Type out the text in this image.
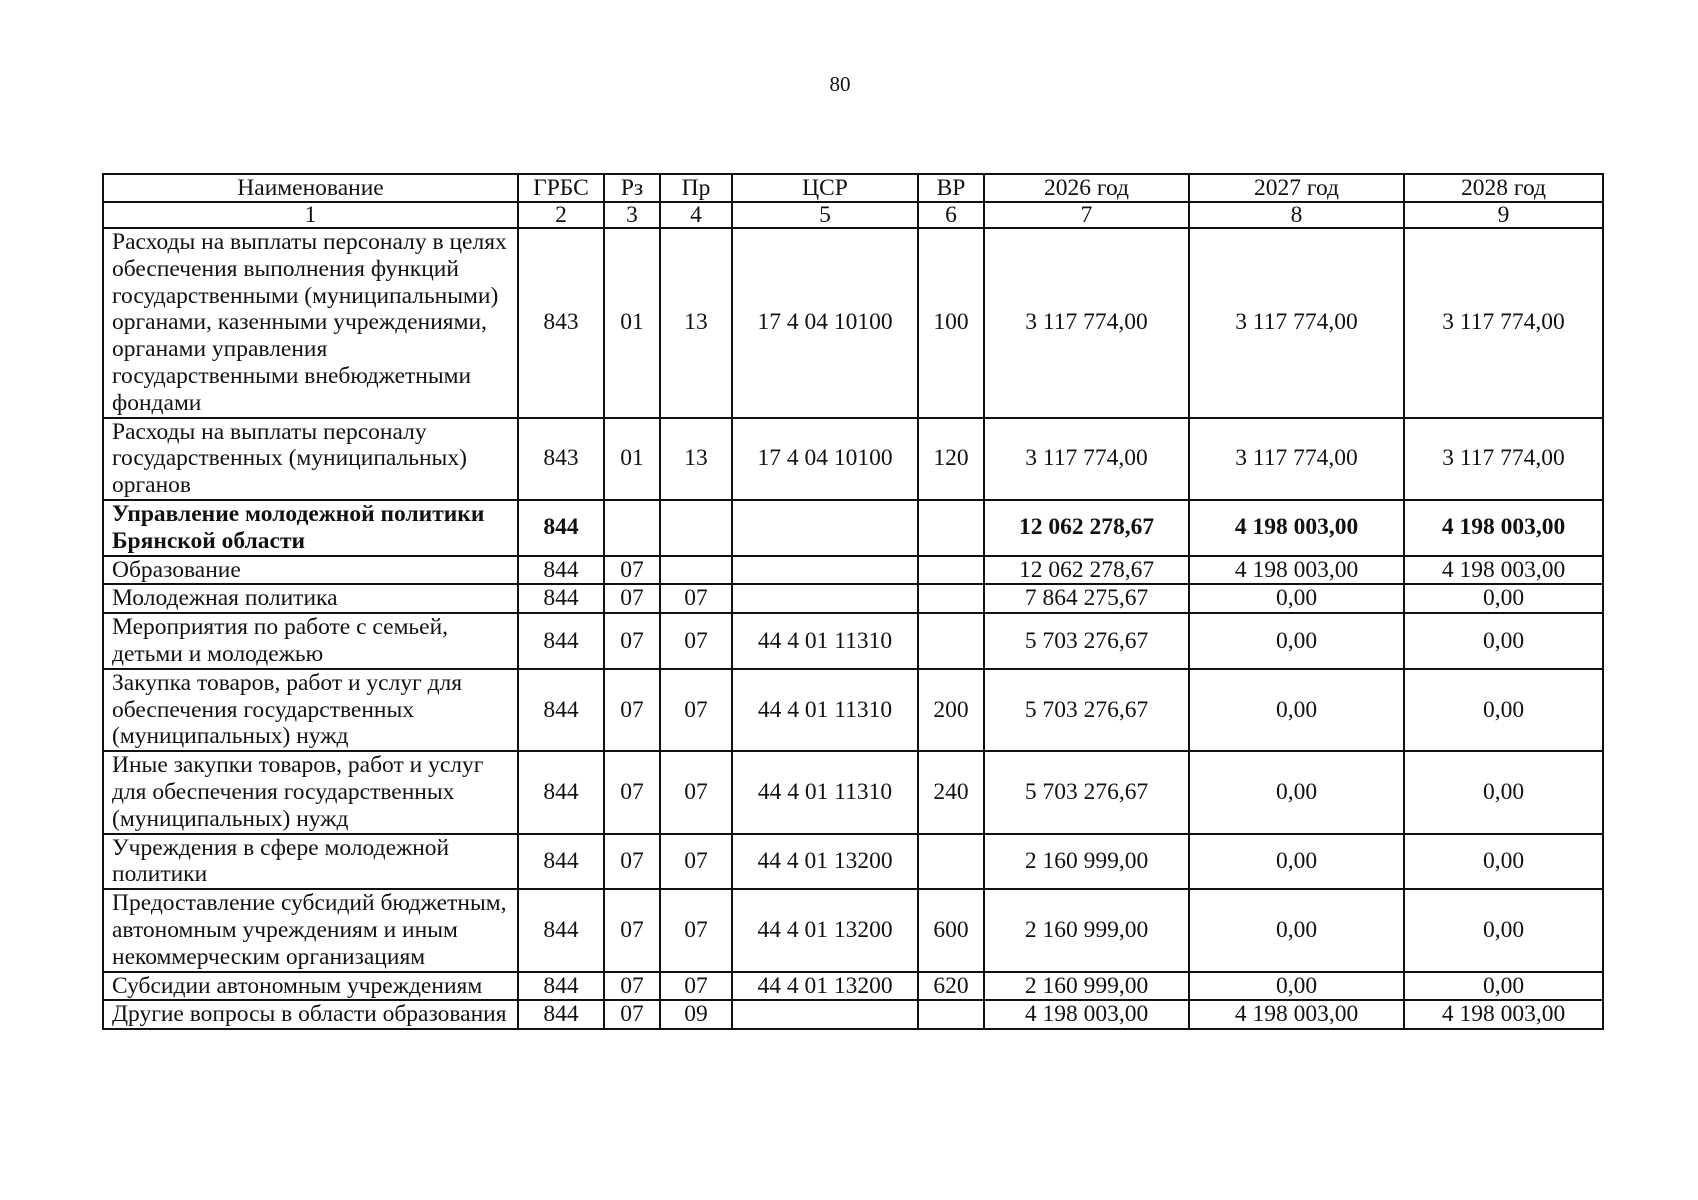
80
Наименование	ГРБС	Рз	Пр	ЦСР	ВР	2026 год	2027 год	2028 год
1	2	3	4	5	6	7	8	9
Расходы на выплаты персоналу в целях обеспечения выполнения функций государственными (муниципальными) органами, казенными учреждениями, органами управления государственными внебюджетными фондами	843	01	13	17 4 04 10100	100	3 117 774,00	3 117 774,00	3 117 774,00
Расходы на выплаты персоналу государственных (муниципальных) органов	843	01	13	17 4 04 10100	120	3 117 774,00	3 117 774,00	3 117 774,00
Управление молодежной политики Брянской области	844					12 062 278,67	4 198 003,00	4 198 003,00
Образование	844	07				12 062 278,67	4 198 003,00	4 198 003,00
Молодежная политика	844	07	07			7 864 275,67	0,00	0,00
Мероприятия по работе с семьей, детьми и молодежью	844	07	07	44 4 01 11310		5 703 276,67	0,00	0,00
Закупка товаров, работ и услуг для обеспечения государственных (муниципальных) нужд	844	07	07	44 4 01 11310	200	5 703 276,67	0,00	0,00
Иные закупки товаров, работ и услуг для обеспечения государственных (муниципальных) нужд	844	07	07	44 4 01 11310	240	5 703 276,67	0,00	0,00
Учреждения в сфере молодежной политики	844	07	07	44 4 01 13200		2 160 999,00	0,00	0,00
Предоставление субсидий бюджетным, автономным учреждениям и иным некоммерческим организациям	844	07	07	44 4 01 13200	600	2 160 999,00	0,00	0,00
Субсидии автономным учреждениям	844	07	07	44 4 01 13200	620	2 160 999,00	0,00	0,00
Другие вопросы в области образования	844	07	09			4 198 003,00	4 198 003,00	4 198 003,00
